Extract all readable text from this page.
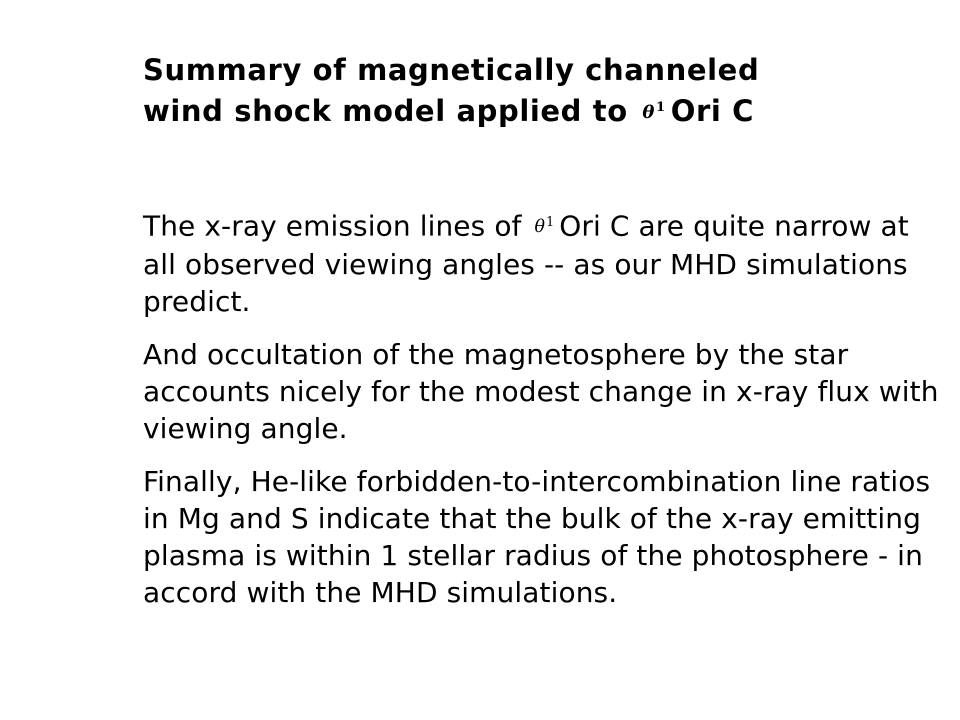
Summary of magnetically channeled
wind shock model applied to $\theta^1$ Ori C

The x-ray emission lines of $\theta^1$ Ori C are quite narrow at all observed viewing angles -- as our MHD simulations predict.

And occultation of the magnetosphere by the star accounts nicely for the modest change in x-ray flux with viewing angle.

Finally, He-like forbidden-to-intercombination line ratios in Mg and S indicate that the bulk of the x-ray emitting plasma is within 1 stellar radius of the photosphere - in accord with the MHD simulations.
